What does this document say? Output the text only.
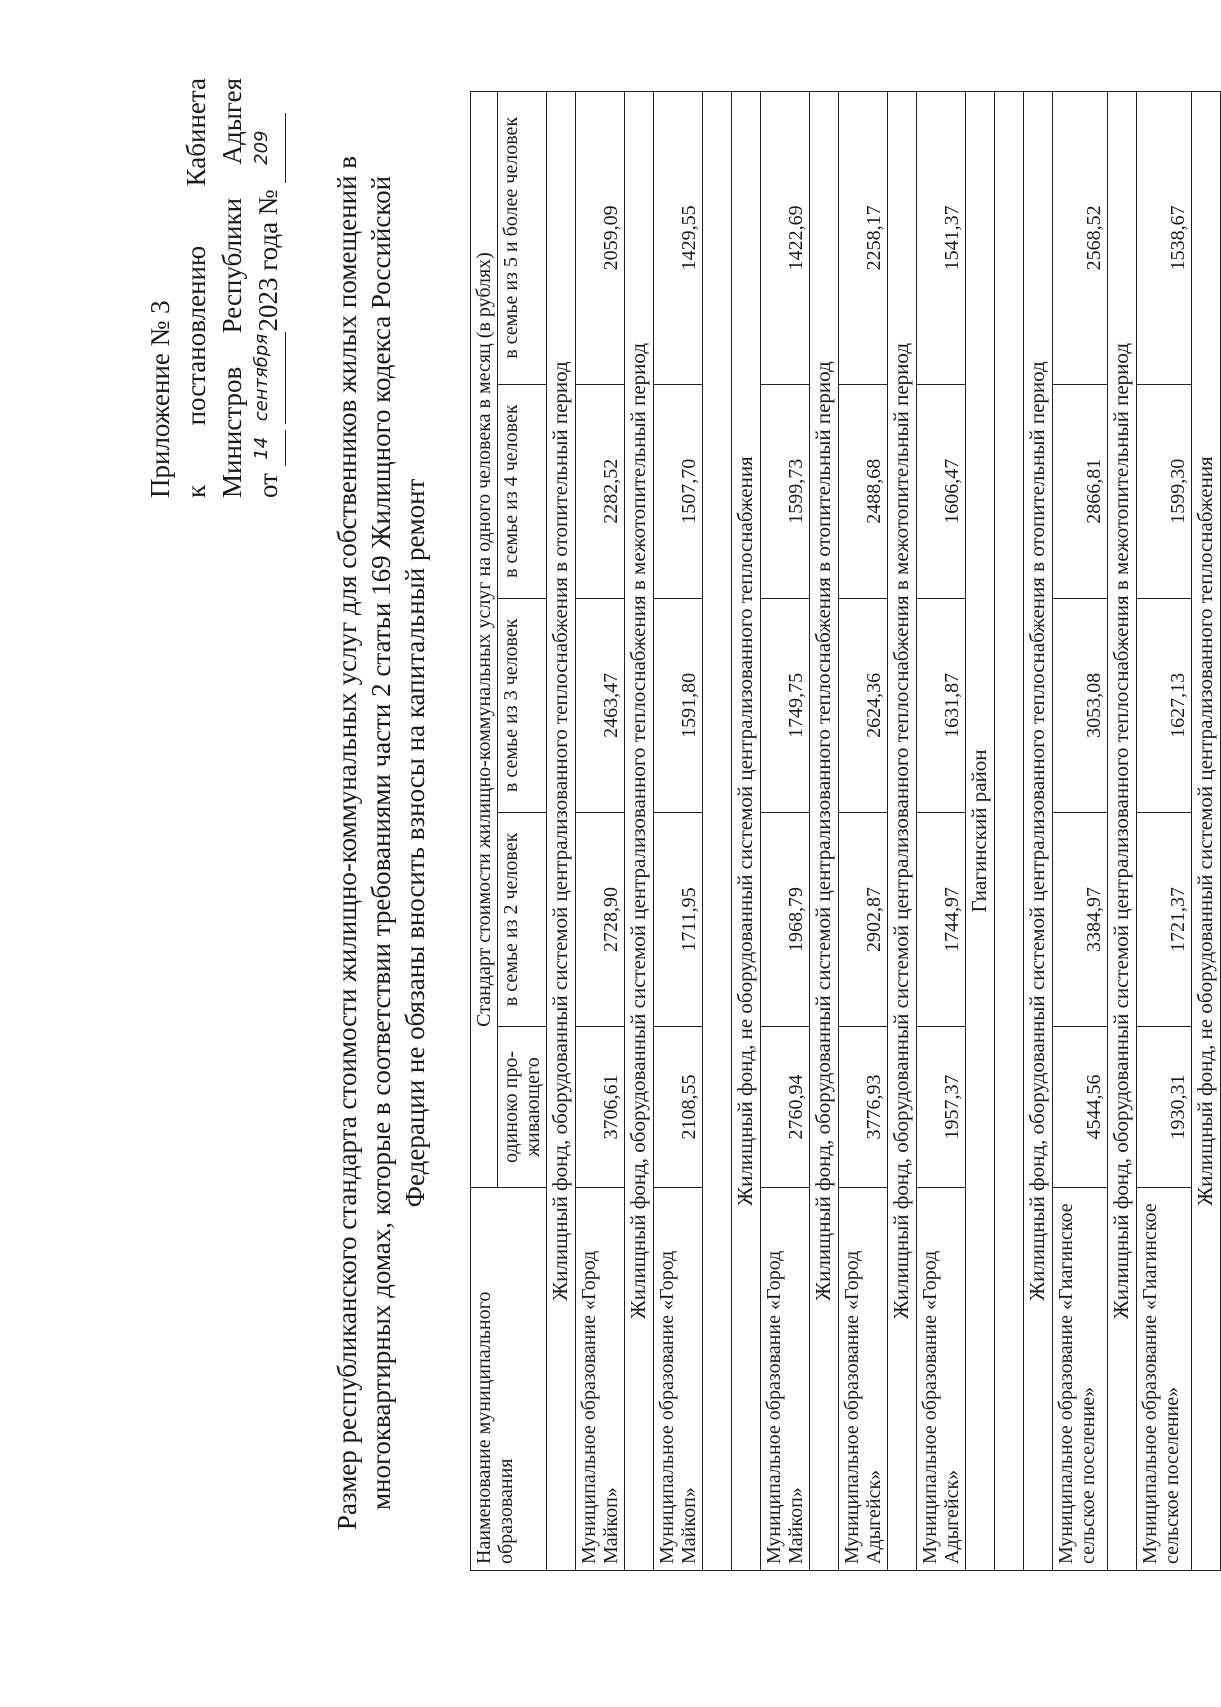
Приложение № 3 к
постановлению
Кабинета
Министров
Республики
Адыгея
от

14

сентября
2023 года №

209
Размер республиканского стандарта стоимости жилищно-коммунальных услуг для собственников жилых помещений в многоквартирных домах, которые в соответствии требованиями части 2 статьи 169 Жилищного кодекса Российской Федерации не обязаны вносить взносы на капитальный ремонт
Наименование муниципального образования	Стандарт стоимости жилищно-коммунальных услуг на одного человека в месяц (в рублях)				
	одиноко про-живающего	в семье из 2 человек	в семье из 3 человек	в семье из 4 человек	в семье из 5 и более человек
Жилищный фонд, оборудованный системой централизованного теплоснабжения в отопительный период					
Муниципальное образование «Город Майкоп»	3706,61	2728,90	2463,47	2282,52	2059,09
Жилищный фонд, оборудованный системой централизованного теплоснабжения в межотопительный период					
Муниципальное образование «Город Майкоп»	2108,55	1711,95	1591,80	1507,70	1429,55

Жилищный фонд, не оборудованный системой централизованного теплоснабжения					
Муниципальное образование «Город Майкоп»	2760,94	1968,79	1749,75	1599,73	1422,69
Жилищный фонд, оборудованный системой централизованного теплоснабжения в отопительный период					
Муниципальное образование «Город Адыгейск»	3776,93	2902,87	2624,36	2488,68	2258,17
Жилищный фонд, оборудованный системой централизованного теплоснабжения в межотопительный период					
Муниципальное образование «Город Адыгейск»	1957,37	1744,97	1631,87	1606,47	1541,37
Гиагинский район					

Жилищный фонд, оборудованный системой централизованного теплоснабжения в отопительный период					
Муниципальное образование «Гиагинское сельское поселение»	4544,56	3384,97	3053,08	2866,81	2568,52
Жилищный фонд, оборудованный системой централизованного теплоснабжения в межотопительный период					
Муниципальное образование «Гиагинское сельское поселение»	1930,31	1721,37	1627,13	1599,30	1538,67
Жилищный фонд, не оборудованный системой централизованного теплоснабжения					
